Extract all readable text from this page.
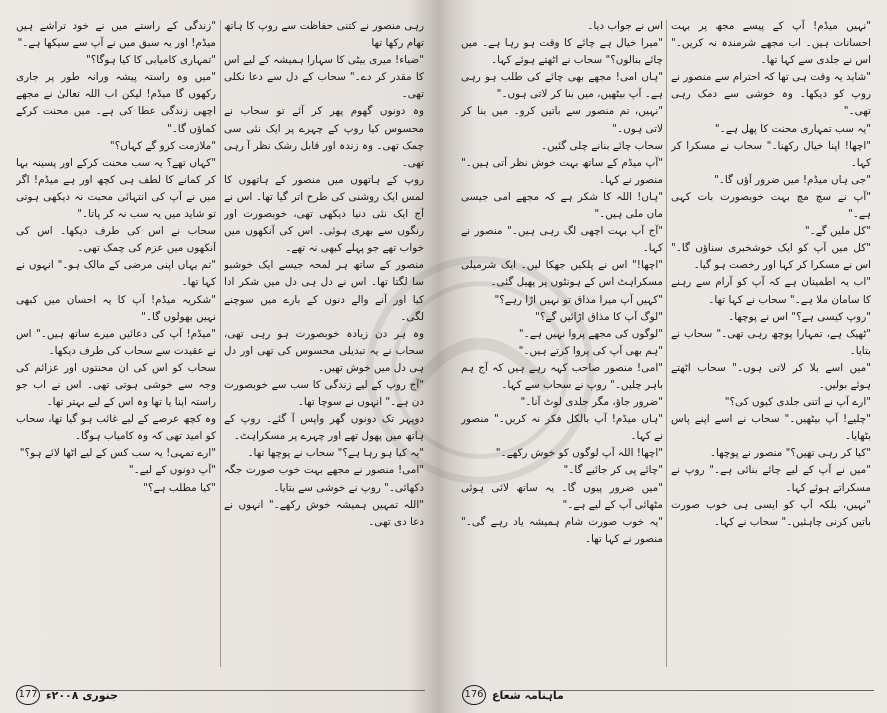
رہی منصور نے کتنی حفاظت سے روپ کا ہاتھ تھام رکھا تھا

"ضیاء! میری بیٹی کا سہارا ہمیشہ کے لیے اس کا مقدر کر دے۔" سحاب کے دل سے دعا نکلی تھی۔

وہ دونوں گھوم پھر کر آئے تو سحاب نے محسوس کیا روپ کے چہرے پر ایک نئی سی چمک تھی۔ وہ زندہ اور قابل رشک نظر آ رہی تھی۔

روپ کے ہاتھوں میں منصور کے ہاتھوں کا لمس ایک روشنی کی طرح اتر گیا تھا۔ اس نے آج ایک نئی دنیا دیکھی تھی، خوبصورت اور رنگوں سے بھری ہوئی۔ اس کی آنکھوں میں خواب تھے جو پہلے کبھی نہ تھے۔

منصور کے ساتھ ہر لمحہ جیسے ایک خوشبو سا لگتا تھا۔ اس نے دل ہی دل میں شکر ادا کیا اور آنے والے دنوں کے بارے میں سوچنے لگی۔

وہ ہر دن زیادہ خوبصورت ہو رہی تھی، سحاب نے یہ تبدیلی محسوس کی تھی اور دل ہی دل میں خوش تھیں۔

"آج روپ کے لیے زندگی کا سب سے خوبصورت دن ہے۔" انہوں نے سوچا تھا۔

دوپہر تک دونوں گھر واپس آ گئے۔ روپ کے ہاتھ میں پھول تھے اور چہرے پر مسکراہٹ۔

"یہ کیا ہو رہا ہے؟" سحاب نے پوچھا تھا۔

"امی! منصور نے مجھے بہت خوب صورت جگہ دکھائی۔" روپ نے خوشی سے بتایا۔

"اللہ تمہیں ہمیشہ خوش رکھے۔" انہوں نے دعا دی تھی۔

"زندگی کے راستے میں نے خود تراشے ہیں میڈم! اور یہ سبق میں نے آپ سے سیکھا ہے۔"

"تمہاری کامیابی کا کیا ہوگا؟"

"میں وہ راستہ پیشہ ورانہ طور پر جاری رکھوں گا میڈم! لیکن اب اللہ تعالیٰ نے مجھے اچھی زندگی عطا کی ہے۔ میں محنت کرکے کماؤں گا۔"

"ملازمت کرو گے کہاں؟"

"کہاں تھے؟ یہ سب محنت کرکے اور پسینہ بہا کر کمانے کا لطف ہی کچھ اور ہے میڈم! اگر میں نے آپ کی انتہائی محبت نہ دیکھی ہوتی تو شاید میں یہ سب نہ کر پاتا۔"

سحاب نے اس کی طرف دیکھا۔ اس کی آنکھوں میں عزم کی چمک تھی۔

"تم یہاں اپنی مرضی کے مالک ہو۔" انہوں نے کہا تھا۔

"شکریہ میڈم! آپ کا یہ احسان میں کبھی نہیں بھولوں گا۔"

"میڈم! آپ کی دعائیں میرے ساتھ ہیں۔" اس نے عقیدت سے سحاب کی طرف دیکھا۔

سحاب کو اس کی ان محنتوں اور عزائم کی وجہ سے خوشی ہوتی تھی۔ اس نے اب جو راستہ اپنا یا تھا وہ اس کے لیے بہتر تھا۔

وہ کچھ عرصے کے لیے غائب ہو گیا تھا، سحاب کو امید تھی کہ وہ کامیاب ہوگا۔

"ارے تمہی! یہ سب کس کے لیے اٹھا لائے ہو؟"

"آپ دونوں کے لیے۔"

"کیا مطلب ہے؟"

177 جنوری ۲۰۰۸ء

"نہیں میڈم! آپ کے پیسے مجھ پر بہت احسانات ہیں۔ اب مجھے شرمندہ نہ کریں۔" اس نے جلدی سے کہا تھا۔

"شاید یہ وقت ہی تھا کہ احترام سے منصور نے روپ کو دیکھا۔ وہ خوشی سے دمک رہی تھی۔"

"یہ سب تمہاری محنت کا پھل ہے۔"

"اچھا! اپنا خیال رکھنا۔" سحاب نے مسکرا کر کہا۔

"جی ہاں میڈم! میں ضرور آؤں گا۔"

"آپ نے سچ مچ بہت خوبصورت بات کہی ہے۔"

"کل ملیں گے۔"

"کل میں آپ کو ایک خوشخبری سناؤں گا۔" اس نے مسکرا کر کہا اور رخصت ہو گیا۔

"اب یہ اطمینان ہے کہ آپ کو آرام سے رہنے کا سامان ملا ہے۔" سحاب نے کہا تھا۔

"روپ کیسی ہے؟" اس نے پوچھا۔

"ٹھیک ہے، تمہارا پوچھ رہی تھی۔" سحاب نے بتایا۔

"میں اسے بلا کر لاتی ہوں۔" سحاب اٹھتے ہوئے بولیں۔

"ارے آپ نے اتنی جلدی کیوں کی؟"

"چلیے! آپ بیٹھیں۔" سحاب نے اسے اپنے پاس بٹھایا۔

"کیا کر رہی تھیں؟" منصور نے پوچھا۔

"میں نے آپ کے لیے چائے بنائی ہے۔" روپ نے مسکراتے ہوئے کہا۔

"نہیں، بلکہ آپ کو ایسی ہی خوب صورت باتیں کرنی چاہئیں۔" سحاب نے کہا۔

اس نے جواب دیا۔

"میرا خیال ہے چائے کا وقت ہو رہا ہے۔ میں چائے بنالوں؟" سحاب نے اٹھتے ہوئے کہا۔

"ہاں امی! مجھے بھی چائے کی طلب ہو رہی ہے۔ آپ بیٹھیں، میں بنا کر لاتی ہوں۔"

"نہیں، تم منصور سے باتیں کرو۔ میں بنا کر لاتی ہوں۔"

سحاب چائے بنانے چلی گئیں۔

"آپ میڈم کے ساتھ بہت خوش نظر آتی ہیں۔" منصور نے کہا۔

"ہاں! اللہ کا شکر ہے کہ مجھے امی جیسی ماں ملی ہیں۔"

"آج آپ بہت اچھی لگ رہی ہیں۔" منصور نے کہا۔

"اچھا!" اس نے پلکیں جھکا لیں۔ ایک شرمیلی مسکراہٹ اس کے ہونٹوں پر پھیل گئی۔

"کہیں آپ میرا مذاق تو نہیں اڑا رہے؟"

"لوگ آپ کا مذاق اڑائیں گے؟"

"لوگوں کی مجھے پروا نہیں ہے۔"

"ہم بھی آپ کی پروا کرتے ہیں۔"

"امی! منصور صاحب کہہ رہے ہیں کہ آج ہم باہر چلیں۔" روپ نے سحاب سے کہا۔

"ضرور جاؤ، مگر جلدی لوٹ آنا۔"

"ہاں میڈم! آپ بالکل فکر نہ کریں۔" منصور نے کہا۔

"اچھا! اللہ آپ لوگوں کو خوش رکھے۔"

"چائے پی کر جائیے گا۔"

"میں ضرور پیوں گا۔ یہ ساتھ لائی ہوئی مٹھائی آپ کے لیے ہے۔"

"یہ خوب صورت شام ہمیشہ یاد رہے گی۔" منصور نے کہا تھا۔

176 ماہنامہ شعاع
